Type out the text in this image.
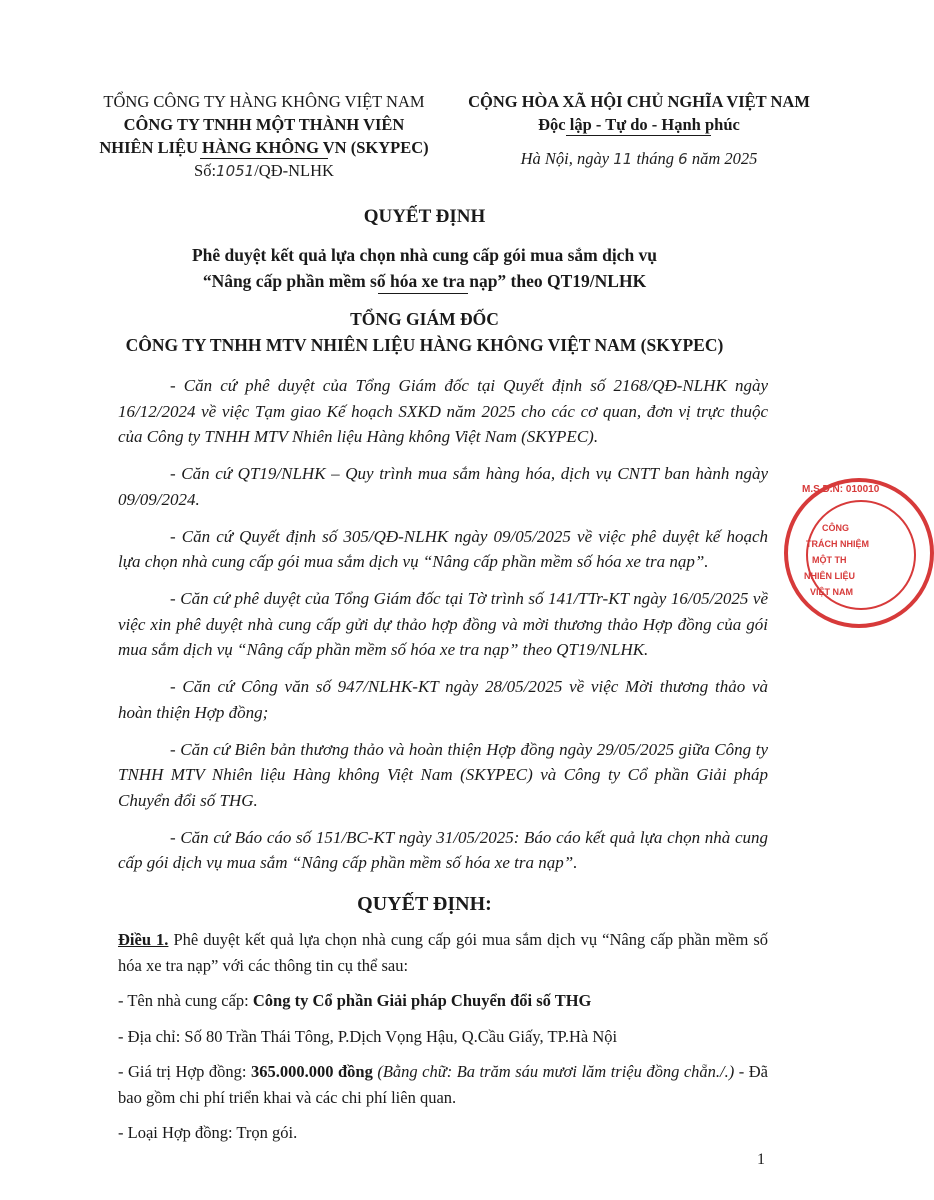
TỔNG CÔNG TY HÀNG KHÔNG VIỆT NAM
CÔNG TY TNHH MỘT THÀNH VIÊN
NHIÊN LIỆU HÀNG KHÔNG VN (SKYPEC)
Số:1051/QĐ-NLHK
CỘNG HÒA XÃ HỘI CHỦ NGHĨA VIỆT NAM
Độc lập - Tự do - Hạnh phúc
Hà Nội, ngày 11 tháng 6 năm 2025
QUYẾT ĐỊNH
Phê duyệt kết quả lựa chọn nhà cung cấp gói mua sắm dịch vụ
“Nâng cấp phần mềm số hóa xe tra nạp” theo QT19/NLHK
TỔNG GIÁM ĐỐC
CÔNG TY TNHH MTV NHIÊN LIỆU HÀNG KHÔNG VIỆT NAM (SKYPEC)

- Căn cứ phê duyệt của Tổng Giám đốc tại Quyết định số 2168/QĐ-NLHK ngày 16/12/2024 về việc Tạm giao Kế hoạch SXKD năm 2025 cho các cơ quan, đơn vị trực thuộc của Công ty TNHH MTV Nhiên liệu Hàng không Việt Nam (SKYPEC).

- Căn cứ QT19/NLHK – Quy trình mua sắm hàng hóa, dịch vụ CNTT ban hành ngày 09/09/2024.

- Căn cứ Quyết định số 305/QĐ-NLHK ngày 09/05/2025 về việc phê duyệt kế hoạch lựa chọn nhà cung cấp gói mua sắm dịch vụ “Nâng cấp phần mềm số hóa xe tra nạp”.

- Căn cứ phê duyệt của Tổng Giám đốc tại Tờ trình số 141/TTr-KT ngày 16/05/2025 về việc xin phê duyệt nhà cung cấp gửi dự thảo hợp đồng và mời thương thảo Hợp đồng của gói mua sắm dịch vụ “Nâng cấp phần mềm số hóa xe tra nạp” theo QT19/NLHK.

- Căn cứ Công văn số 947/NLHK-KT ngày 28/05/2025 về việc Mời thương thảo và hoàn thiện Hợp đồng;

- Căn cứ Biên bản thương thảo và hoàn thiện Hợp đồng ngày 29/05/2025 giữa Công ty TNHH MTV Nhiên liệu Hàng không Việt Nam (SKYPEC) và Công ty Cổ phần Giải pháp Chuyển đổi số THG.

- Căn cứ Báo cáo số 151/BC-KT ngày 31/05/2025: Báo cáo kết quả lựa chọn nhà cung cấp gói dịch vụ mua sắm “Nâng cấp phần mềm số hóa xe tra nạp”.

QUYẾT ĐỊNH:

Điều 1. Phê duyệt kết quả lựa chọn nhà cung cấp gói mua sắm dịch vụ “Nâng cấp phần mềm số hóa xe tra nạp” với các thông tin cụ thể sau:

- Tên nhà cung cấp: Công ty Cổ phần Giải pháp Chuyển đổi số THG

- Địa chỉ: Số 80 Trần Thái Tông, P.Dịch Vọng Hậu, Q.Cầu Giấy, TP.Hà Nội

- Giá trị Hợp đồng: 365.000.000 đồng (Bằng chữ: Ba trăm sáu mươi lăm triệu đồng chẵn./.) - Đã bao gồm chi phí triển khai và các chi phí liên quan.

- Loại Hợp đồng: Trọn gói.

M.S.D.N: 010010
CÔNG
TRÁCH NHIỆM
MỘT TH
NHIÊN LIỆU
VIỆT NAM
1
